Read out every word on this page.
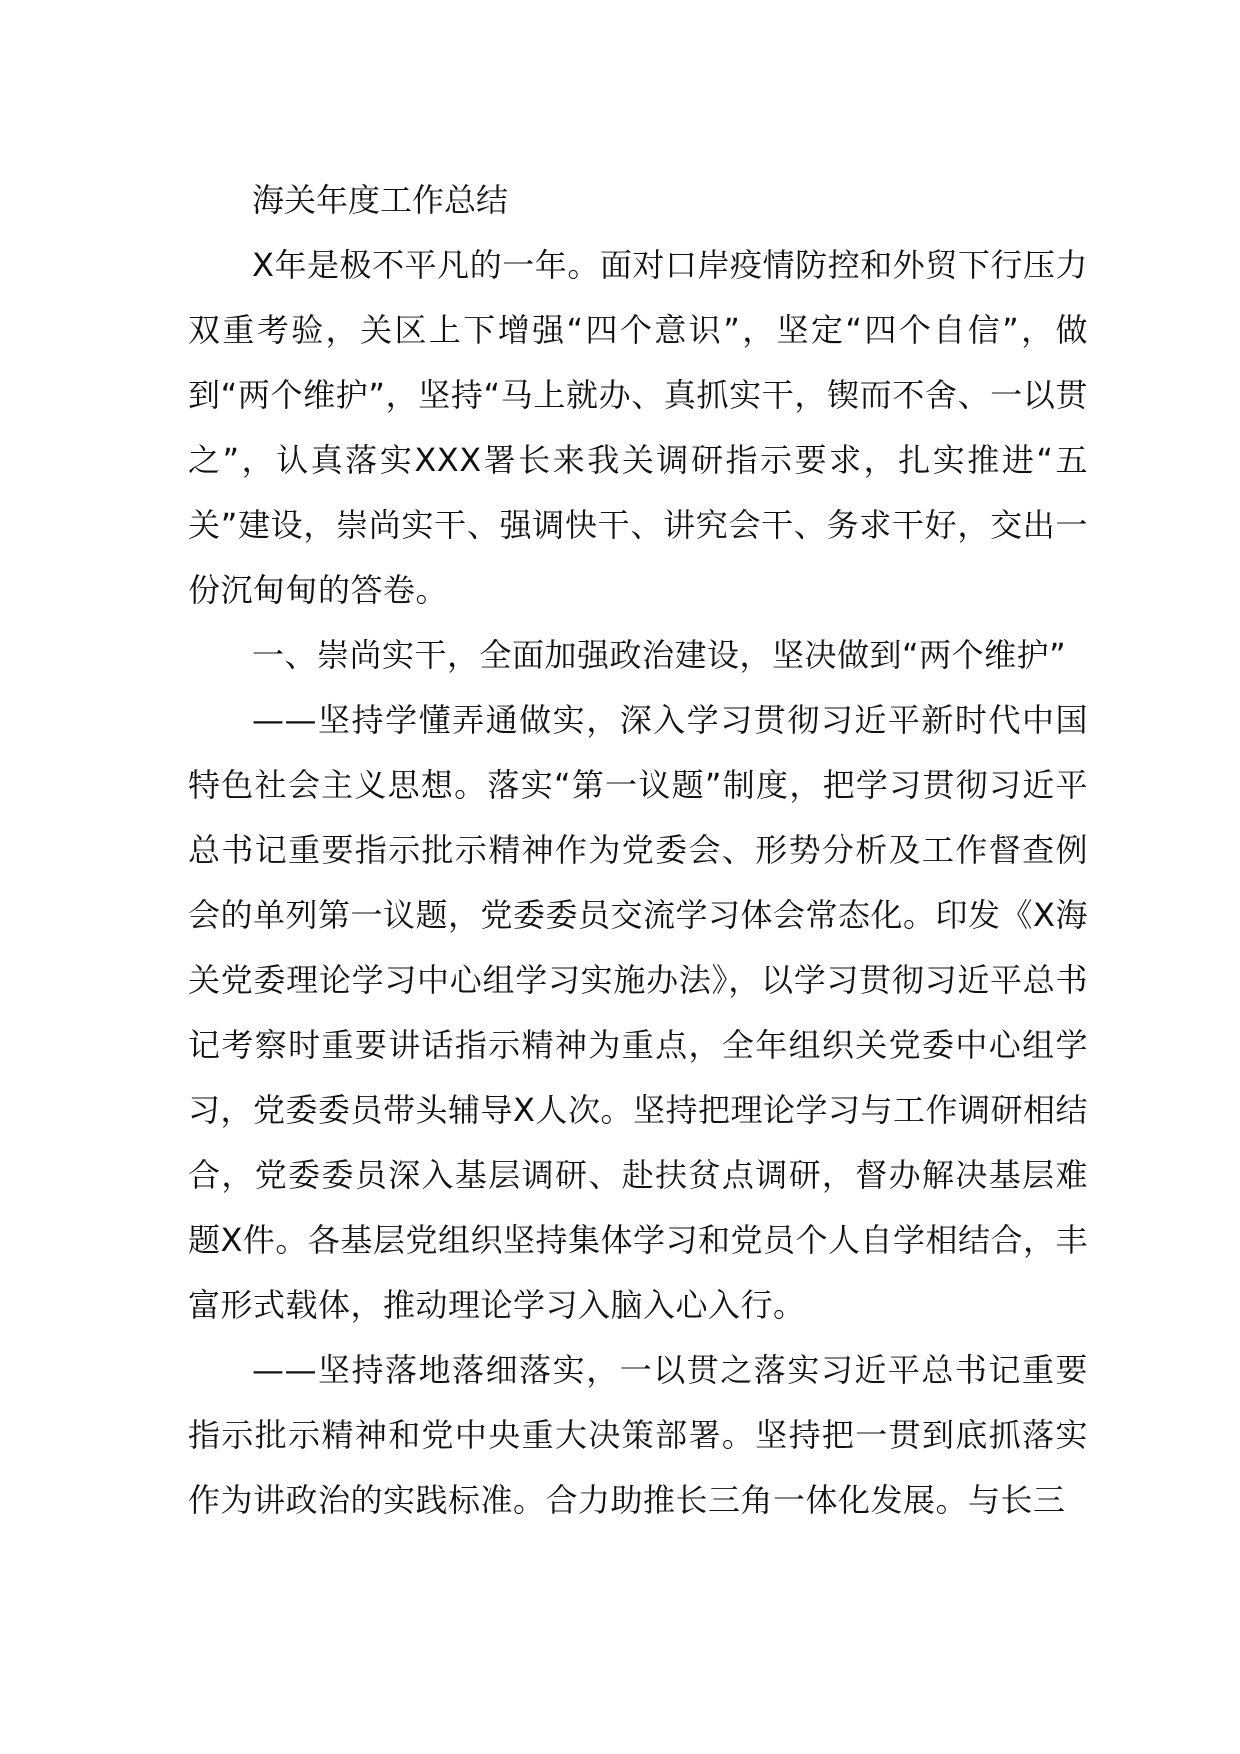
海关年度工作总结

X年是极不平凡的一年。面对口岸疫情防控和外贸下行压力双重考验，关区上下增强“四个意识”，坚定“四个自信”，做到“两个维护”，坚持“马上就办、真抓实干，锲而不舍、一以贯之”，认真落实XXX署长来我关调研指示要求，扎实推进“五关”建设，崇尚实干、强调快干、讲究会干、务求干好，交出一份沉甸甸的答卷。

一、崇尚实干，全面加强政治建设，坚决做到“两个维护”

——坚持学懂弄通做实，深入学习贯彻习近平新时代中国特色社会主义思想。落实“第一议题”制度，把学习贯彻习近平总书记重要指示批示精神作为党委会、形势分析及工作督查例会的单列第一议题，党委委员交流学习体会常态化。印发《X海关党委理论学习中心组学习实施办法》，以学习贯彻习近平总书记考察时重要讲话指示精神为重点，全年组织关党委中心组学习，党委委员带头辅导X人次。坚持把理论学习与工作调研相结合，党委委员深入基层调研、赴扶贫点调研，督办解决基层难题X件。各基层党组织坚持集体学习和党员个人自学相结合，丰富形式载体，推动理论学习入脑入心入行。

——坚持落地落细落实，一以贯之落实习近平总书记重要指示批示精神和党中央重大决策部署。坚持把一贯到底抓落实作为讲政治的实践标准。合力助推长三角一体化发展。与长三
